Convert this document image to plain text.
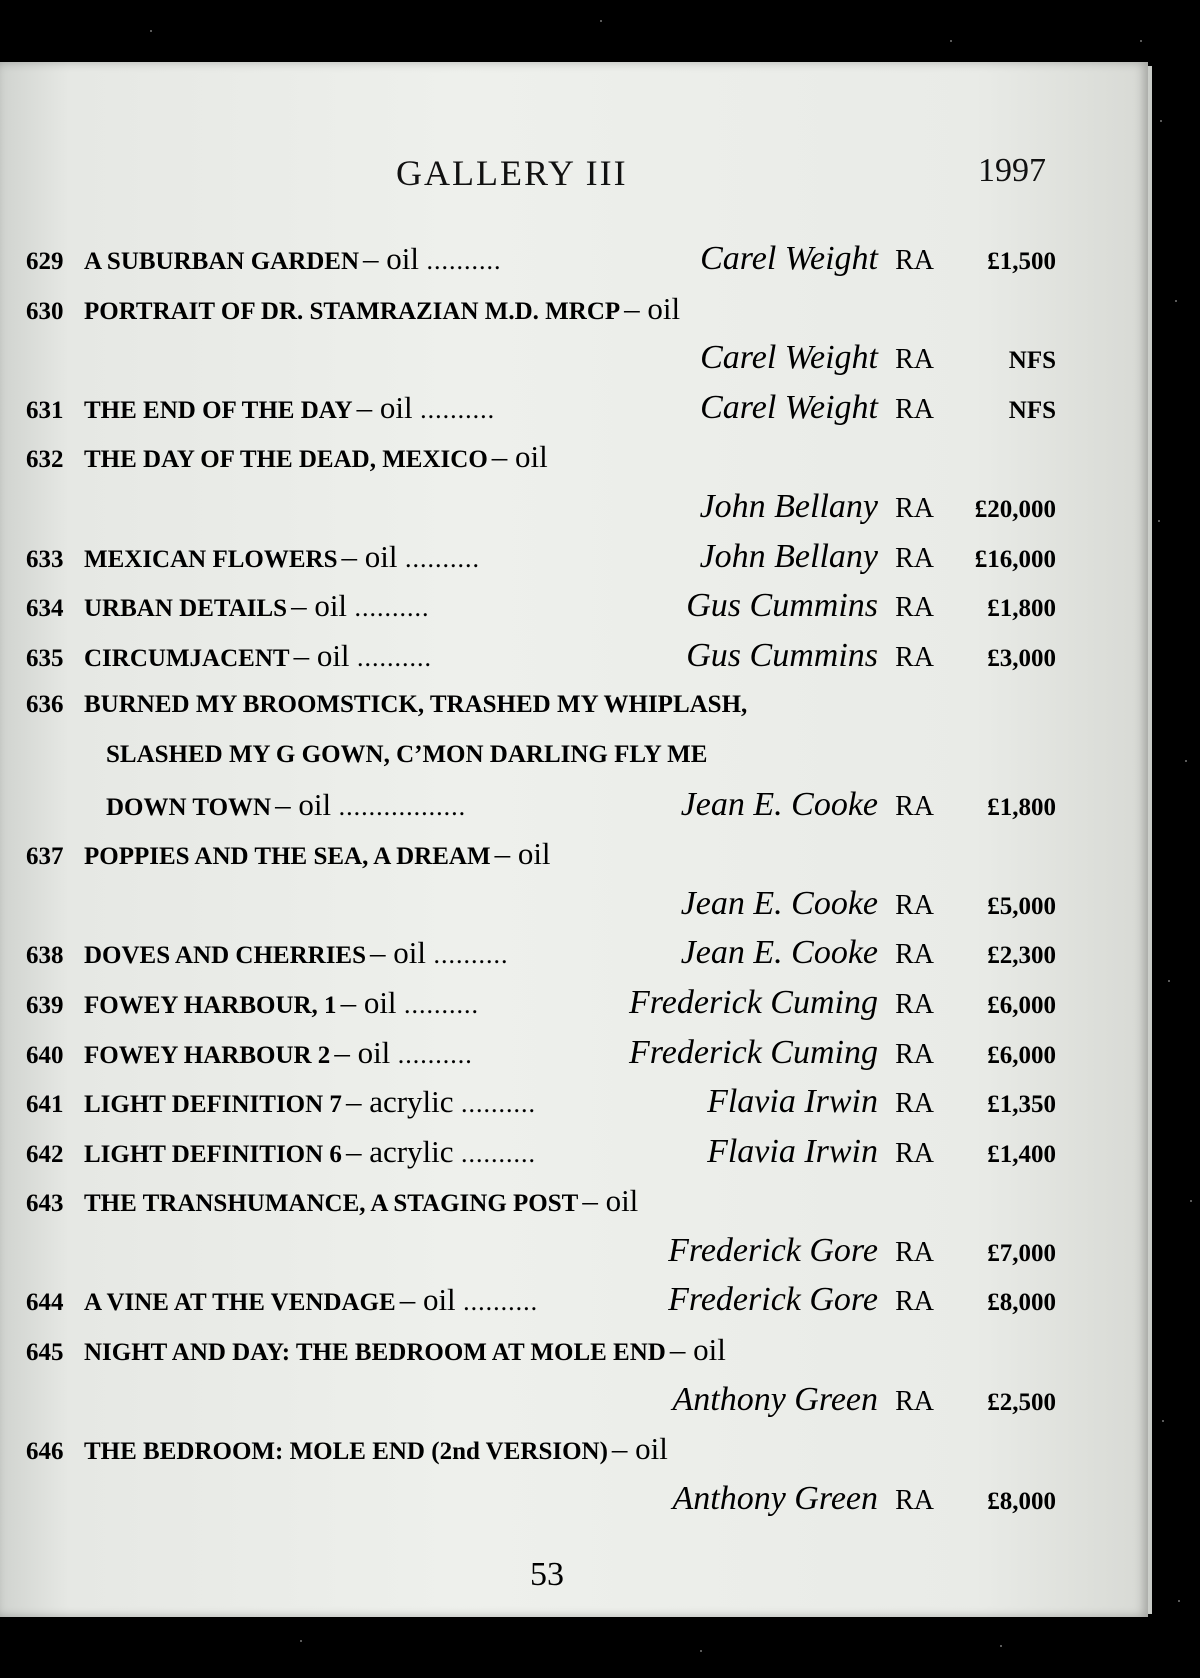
GALLERY III	1997
629 A SUBURBAN GARDEN – oil ..........	Carel Weight RA £1,500
630 PORTRAIT OF DR. STAMRAZIAN M.D. MRCP – oil
Carel Weight RA	NFS
631 THE END OF THE DAY – oil ..........	Carel Weight RA	NFS
632 THE DAY OF THE DEAD, MEXICO – oil
John Bellany RA £20,000
633 MEXICAN FLOWERS – oil ..........	John Bellany RA £16,000
634 URBAN DETAILS – oil ..........	Gus Cummins RA £1,800
635 CIRCUMJACENT – oil ..........	Gus Cummins RA £3,000
636 BURNED MY BROOMSTICK, TRASHED MY WHIPLASH,
SLASHED MY G GOWN, C’MON DARLING FLY ME
DOWN TOWN – oil .................	Jean E. Cooke RA £1,800
637 POPPIES AND THE SEA, A DREAM – oil
Jean E. Cooke RA £5,000
638 DOVES AND CHERRIES – oil ..........	Jean E. Cooke RA £2,300
639 FOWEY HARBOUR, 1 – oil ..........	Frederick Cuming RA £6,000
640 FOWEY HARBOUR 2 – oil ..........	Frederick Cuming RA £6,000
641 LIGHT DEFINITION 7 – acrylic ..........	Flavia Irwin RA £1,350
642 LIGHT DEFINITION 6 – acrylic ..........	Flavia Irwin RA £1,400
643 THE TRANSHUMANCE, A STAGING POST – oil
Frederick Gore RA £7,000
644 A VINE AT THE VENDAGE – oil ..........	Frederick Gore RA £8,000
645 NIGHT AND DAY: THE BEDROOM AT MOLE END – oil
Anthony Green RA £2,500
646 THE BEDROOM: MOLE END (2nd VERSION) – oil
Anthony Green RA £8,000
53
